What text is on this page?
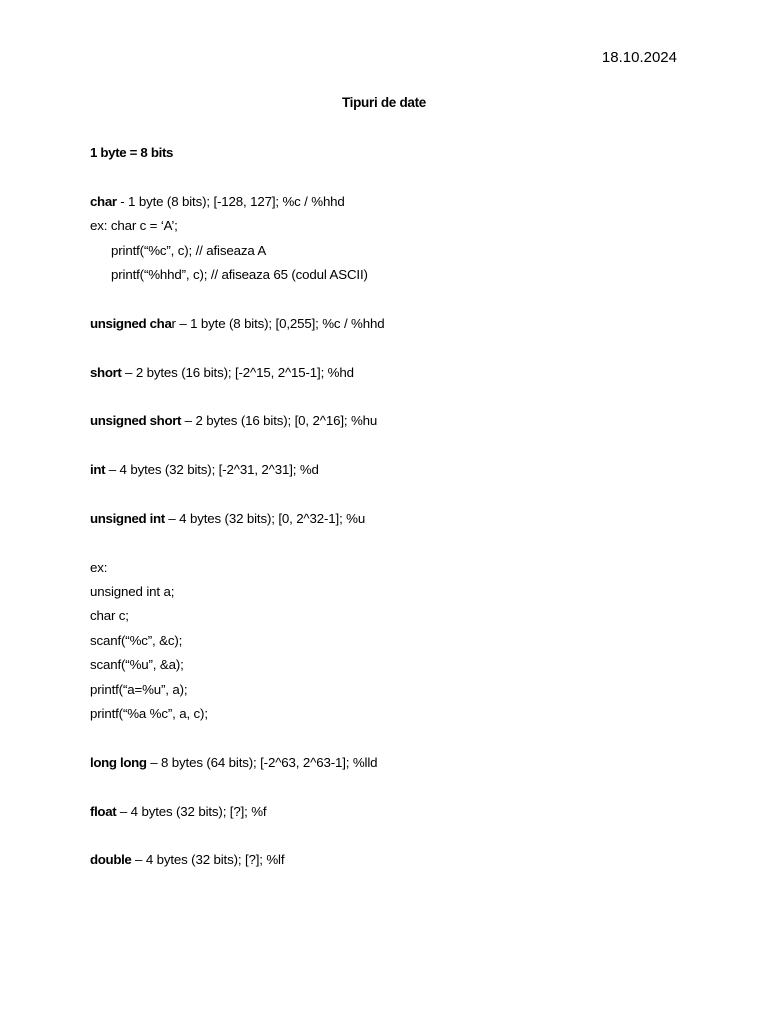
18.10.2024
Tipuri de date
1 byte = 8 bits
char - 1 byte (8 bits); [-128, 127]; %c / %hhd
ex: char c = ‘A’;
printf(“%c”, c); // afiseaza A
printf(“%hhd”, c); // afiseaza 65 (codul ASCII)
unsigned char – 1 byte (8 bits); [0,255]; %c / %hhd
short – 2 bytes (16 bits); [-2^15, 2^15-1]; %hd
unsigned short – 2 bytes (16 bits); [0, 2^16]; %hu
int – 4 bytes (32 bits); [-2^31, 2^31]; %d
unsigned int – 4 bytes (32 bits); [0, 2^32-1]; %u
ex:
unsigned int a;
char c;
scanf(“%c”, &c);
scanf(“%u”, &a);
printf(“a=%u”, a);
printf(“%a %c”, a, c);
long long – 8 bytes (64 bits); [-2^63, 2^63-1]; %lld
float – 4 bytes (32 bits); [?]; %f
double – 4 bytes (32 bits); [?]; %lf
